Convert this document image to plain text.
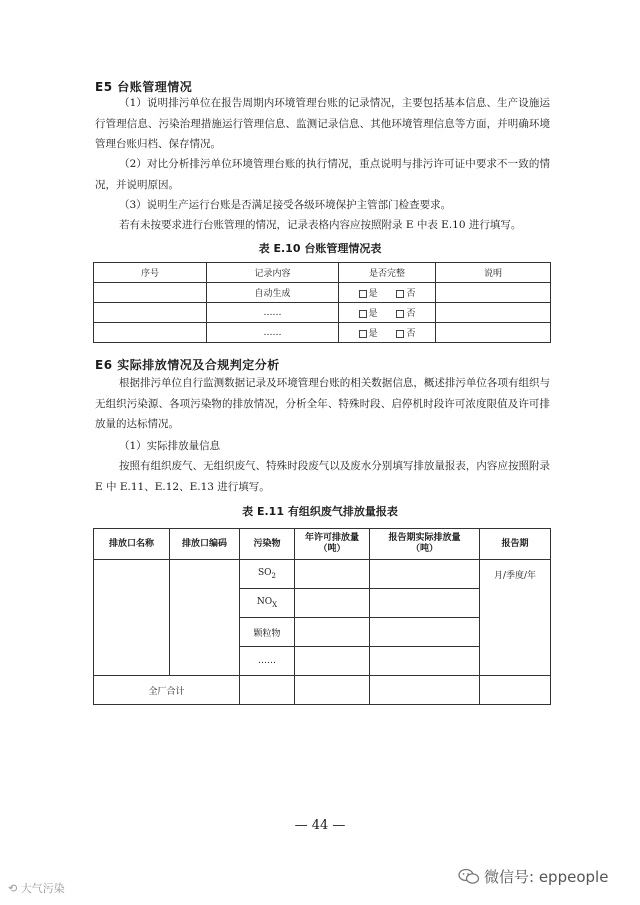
E5 台账管理情况

（1）说明排污单位在报告周期内环境管理台账的记录情况，主要包括基本信息、生产设施运行管理信息、污染治理措施运行管理信息、监测记录信息、其他环境管理信息等方面，并明确环境管理台账归档、保存情况。

（2）对比分析排污单位环境管理台账的执行情况，重点说明与排污许可证中要求不一致的情况，并说明原因。

（3）说明生产运行台账是否满足接受各级环境保护主管部门检查要求。

若有未按要求进行台账管理的情况，记录表格内容应按照附录 E 中表 E.10 进行填写。

表 E.10 台账管理情况表
序号	记录内容	是否完整	说明
	自动生成	是 否	
	……	是 否	
	……	是 否	
E6 实际排放情况及合规判定分析

根据排污单位自行监测数据记录及环境管理台账的相关数据信息，概述排污单位各项有组织与无组织污染源、各项污染物的排放情况，分析全年、特殊时段、启停机时段许可浓度限值及许可排放量的达标情况。

（1）实际排放量信息

按照有组织废气、无组织废气、特殊时段废气以及废水分别填写排放量报表，内容应按照附录 E 中 E.11、E.12、E.13 进行填写。

表 E.11 有组织废气排放量报表
排放口名称	排放口编码	污染物	年许可排放量
（吨）	报告期实际排放量
（吨）	报告期
		$SO_2$			月/季度/年
		$NO_X$		
		颗粒物			
		……			
全厂合计					
— 44 —
微信号: eppeople
⟲ 大气污染
